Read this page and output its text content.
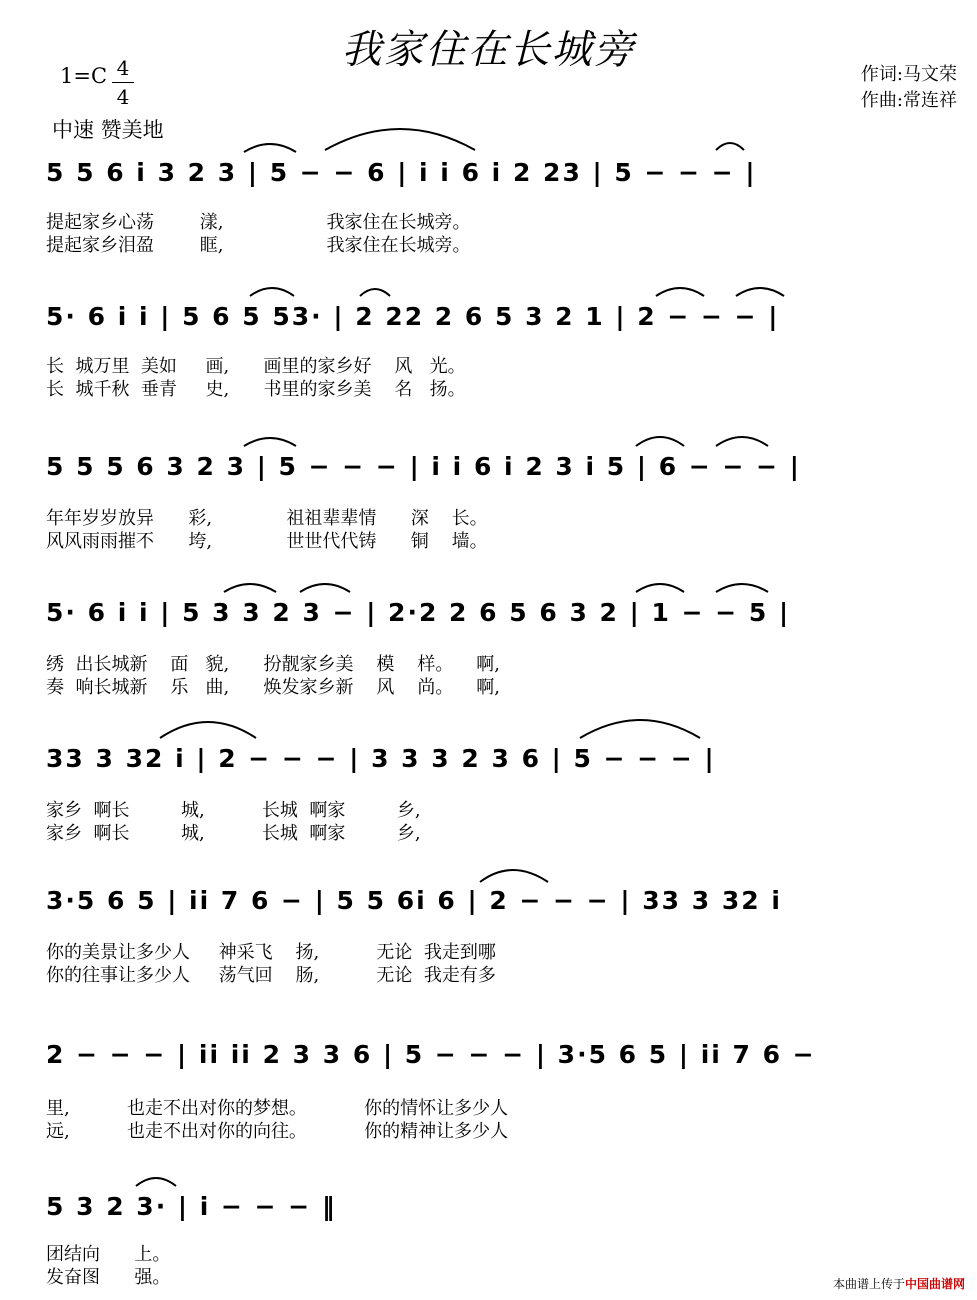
我家住在长城旁
1=C 4
4
中速 赞美地
作词:马文荣
作曲:常连祥
5 5 6 i 3 2 3 | 5 − − 6 | i i 6 i 2 23 | 5 − − − |
提起家乡心荡        漾,                  我家住在长城旁。
提起家乡泪盈        眶,                  我家住在长城旁。
5· 6 i i | 5 6 5 53· | 2 22 2 6 5 3 2 1 | 2 − − − |
长  城万里  美如     画,      画里的家乡好    风   光。
长  城千秋  垂青     史,      书里的家乡美    名   扬。
5 5 5 6 3 2 3 | 5 − − − | i i 6 i 2 3 i 5 | 6 − − − |
年年岁岁放异      彩,             祖祖辈辈情      深    长。
风风雨雨摧不      垮,             世世代代铸      铜    墙。
5· 6 i i | 5 3 3 2 3 − | 2·2 2 6 5 6 3 2 | 1 − − 5 |
绣  出长城新    面   貌,      扮靓家乡美    模    样。    啊,
奏  响长城新    乐   曲,      焕发家乡新    风    尚。    啊,
33 3 32 i | 2 − − − | 3 3 3 2 3 6 | 5 − − − |
家乡  啊长         城,          长城  啊家         乡,
家乡  啊长         城,          长城  啊家         乡,
3·5 6 5 | ii 7 6 − | 5 5 6i 6 | 2 − − − | 33 3 32 i
你的美景让多少人     神采飞    扬,          无论  我走到哪
你的往事让多少人     荡气回    肠,          无论  我走有多
2 − − − | ii ii 2 3 3 6 | 5 − − − | 3·5 6 5 | ii 7 6 −
里,          也走不出对你的梦想。          你的情怀让多少人
远,          也走不出对你的向往。          你的精神让多少人
5 3 2 3· | i − − − ‖
团结向      上。
发奋图      强。	本曲谱上传于中国曲谱网
